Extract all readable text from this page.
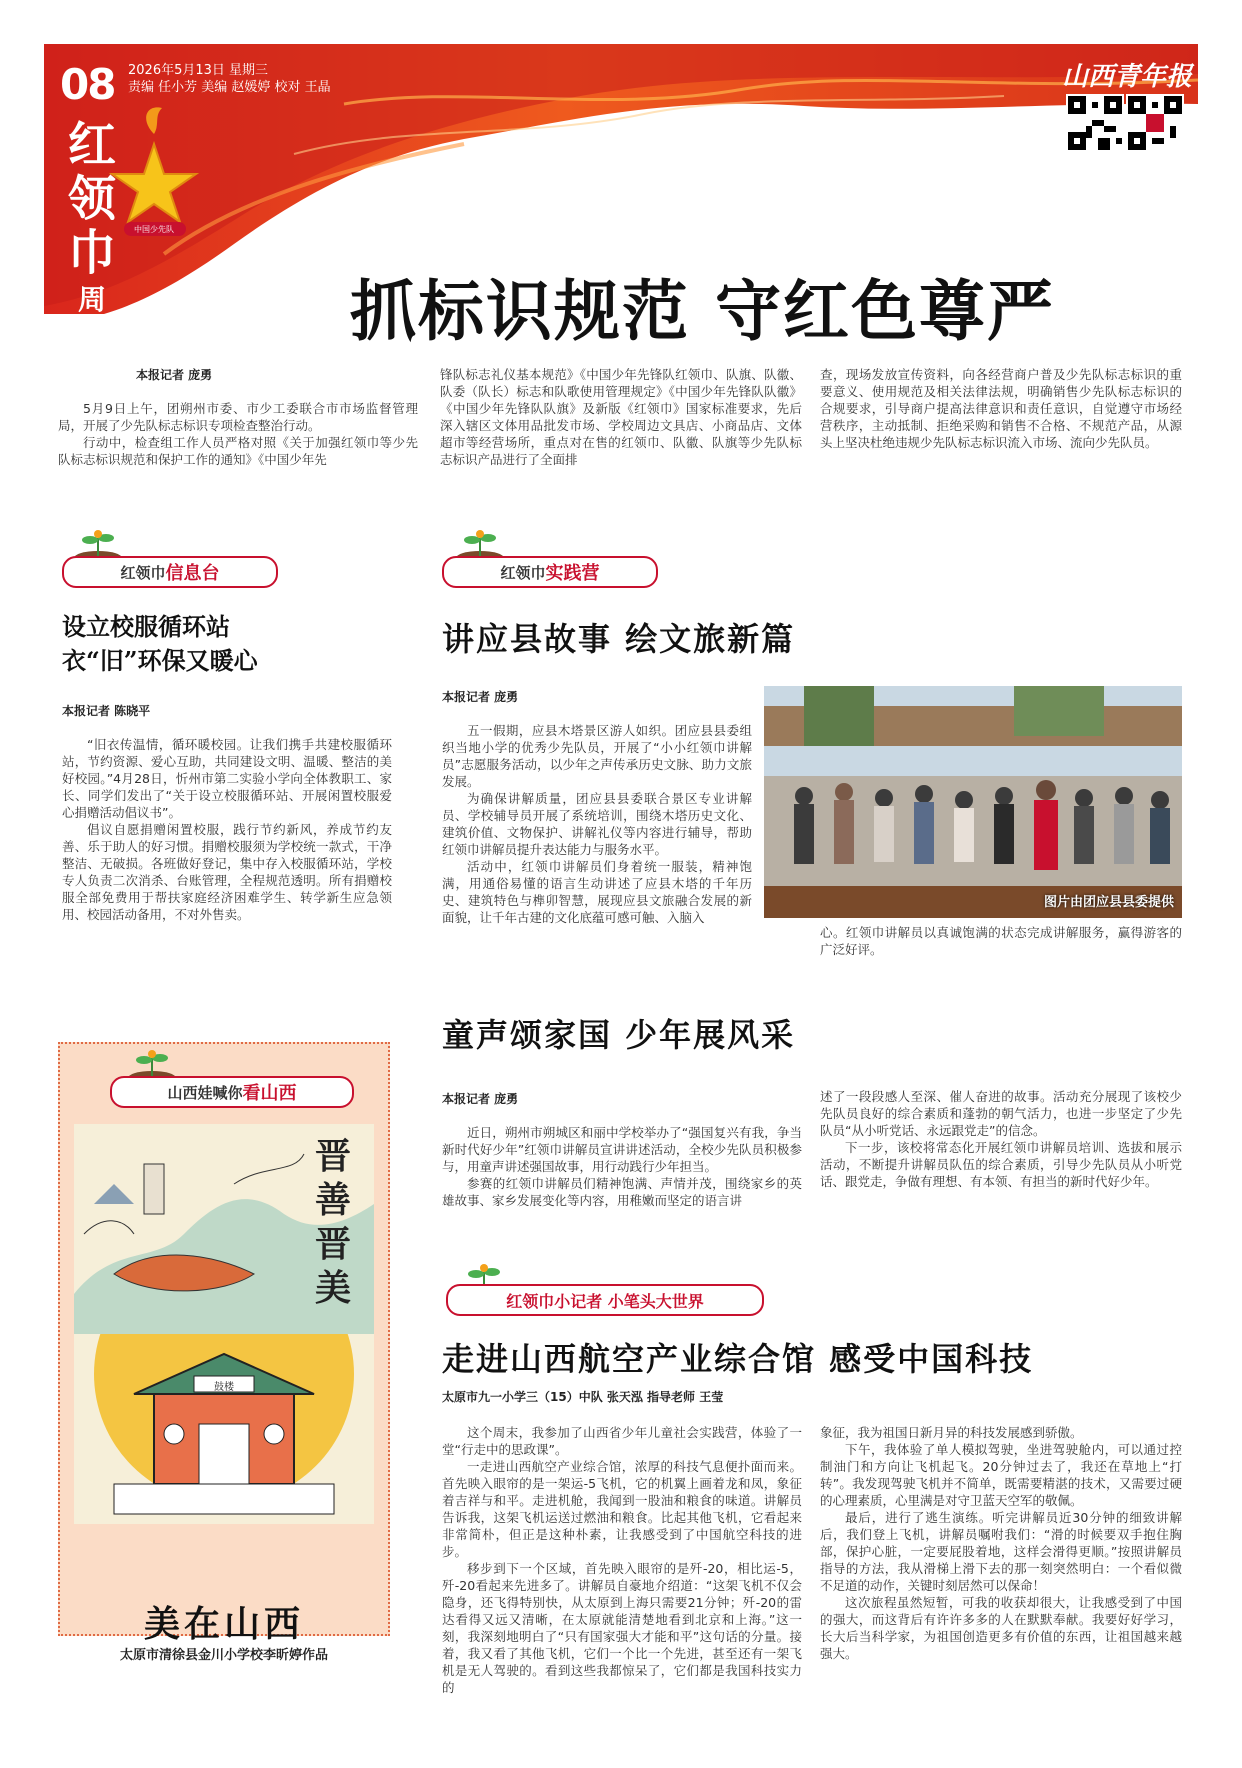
08 2026年5月13日 星期三
责编 任小芳 美编 赵媛婷 校对 王晶
红
领
巾
周
刊
中国少先队
山西青年报
抓标识规范 守红色尊严
本报记者 庞勇

5月9日上午，团朔州市委、市少工委联合市市场监督管理局，开展了少先队标志标识专项检查整治行动。

行动中，检查组工作人员严格对照《关于加强红领巾等少先队标志标识规范和保护工作的通知》《中国少年先

锋队标志礼仪基本规范》《中国少年先锋队红领巾、队旗、队徽、队委（队长）标志和队歌使用管理规定》《中国少年先锋队队徽》《中国少年先锋队队旗》及新版《红领巾》国家标准要求，先后深入辖区文体用品批发市场、学校周边文具店、小商品店、文体超市等经营场所，重点对在售的红领巾、队徽、队旗等少先队标志标识产品进行了全面排

查，现场发放宣传资料，向各经营商户普及少先队标志标识的重要意义、使用规范及相关法律法规，明确销售少先队标志标识的合规要求，引导商户提高法律意识和责任意识，自觉遵守市场经营秩序，主动抵制、拒绝采购和销售不合格、不规范产品，从源头上坚决杜绝违规少先队标志标识流入市场、流向少先队员。

红领巾 信息台
设立校服循环站
衣“旧”环保又暖心
本报记者 陈晓平

“旧衣传温情，循环暖校园。让我们携手共建校服循环站，节约资源、爱心互助，共同建设文明、温暖、整洁的美好校园。”4月28日，忻州市第二实验小学向全体教职工、家长、同学们发出了“关于设立校服循环站、开展闲置校服爱心捐赠活动倡议书”。

倡议自愿捐赠闲置校服，践行节约新风，养成节约友善、乐于助人的好习惯。捐赠校服须为学校统一款式，干净整洁、无破损。各班做好登记，集中存入校服循环站，学校专人负责二次消杀、台账管理，全程规范透明。所有捐赠校服全部免费用于帮扶家庭经济困难学生、转学新生应急领用、校园活动备用，不对外售卖。

红领巾 实践营
讲应县故事 绘文旅新篇
本报记者 庞勇

五一假期，应县木塔景区游人如织。团应县县委组织当地小学的优秀少先队员，开展了“小小红领巾讲解员”志愿服务活动，以少年之声传承历史文脉、助力文旅发展。

为确保讲解质量，团应县县委联合景区专业讲解员、学校辅导员开展了系统培训，围绕木塔历史文化、建筑价值、文物保护、讲解礼仪等内容进行辅导，帮助红领巾讲解员提升表达能力与服务水平。

活动中，红领巾讲解员们身着统一服装，精神饱满，用通俗易懂的语言生动讲述了应县木塔的千年历史、建筑特色与榫卯智慧，展现应县文旅融合发展的新面貌，让千年古建的文化底蕴可感可触、入脑入

图片由团应县县委提供

心。红领巾讲解员以真诚饱满的状态完成讲解服务，赢得游客的广泛好评。

童声颂家国 少年展风采
本报记者 庞勇

近日，朔州市朔城区和丽中学校举办了“强国复兴有我，争当新时代好少年”红领巾讲解员宣讲讲述活动，全校少先队员积极参与，用童声讲述强国故事，用行动践行少年担当。

参赛的红领巾讲解员们精神饱满、声情并茂，围绕家乡的英雄故事、家乡发展变化等内容，用稚嫩而坚定的语言讲

述了一段段感人至深、催人奋进的故事。活动充分展现了该校少先队员良好的综合素质和蓬勃的朝气活力，也进一步坚定了少先队员“从小听党话、永远跟党走”的信念。

下一步，该校将常态化开展红领巾讲解员培训、选拔和展示活动，不断提升讲解员队伍的综合素质，引导少先队员从小听党话、跟党走，争做有理想、有本领、有担当的新时代好少年。

红领巾小记者 小笔头大世界
走进山西航空产业综合馆 感受中国科技
太原市九一小学三（15）中队 张天泓 指导老师 王莹

这个周末，我参加了山西省少年儿童社会实践营，体验了一堂“行走中的思政课”。

一走进山西航空产业综合馆，浓厚的科技气息便扑面而来。首先映入眼帘的是一架运-5飞机，它的机翼上画着龙和凤，象征着吉祥与和平。走进机舱，我闻到一股油和粮食的味道。讲解员告诉我，这架飞机运送过燃油和粮食。比起其他飞机，它看起来非常简朴，但正是这种朴素，让我感受到了中国航空科技的进步。

移步到下一个区域，首先映入眼帘的是歼-20，相比运-5，歼-20看起来先进多了。讲解员自豪地介绍道：“这架飞机不仅会隐身，还飞得特别快，从太原到上海只需要21分钟；歼-20的雷达看得又远又清晰，在太原就能清楚地看到北京和上海。”这一刻，我深刻地明白了“只有国家强大才能和平”这句话的分量。接着，我又看了其他飞机，它们一个比一个先进，甚至还有一架飞机是无人驾驶的。看到这些我都惊呆了，它们都是我国科技实力的

象征，我为祖国日新月异的科技发展感到骄傲。

下午，我体验了单人模拟驾驶，坐进驾驶舱内，可以通过控制油门和方向让飞机起飞。20分钟过去了，我还在草地上“打转”。我发现驾驶飞机并不简单，既需要精湛的技术，又需要过硬的心理素质，心里满是对守卫蓝天空军的敬佩。

最后，进行了逃生演练。听完讲解员近30分钟的细致讲解后，我们登上飞机，讲解员嘱咐我们：“滑的时候要双手抱住胸部，保护心脏，一定要屁股着地，这样会滑得更顺。”按照讲解员指导的方法，我从滑梯上滑下去的那一刻突然明白：一个看似微不足道的动作，关键时刻居然可以保命！

这次旅程虽然短暂，可我的收获却很大，让我感受到了中国的强大，而这背后有许许多多的人在默默奉献。我要好好学习，长大后当科学家，为祖国创造更多有价值的东西，让祖国越来越强大。

山西娃喊你 看山西
晋善晋美
鼓楼
美在山西
太原市清徐县金川小学校李昕婷作品
